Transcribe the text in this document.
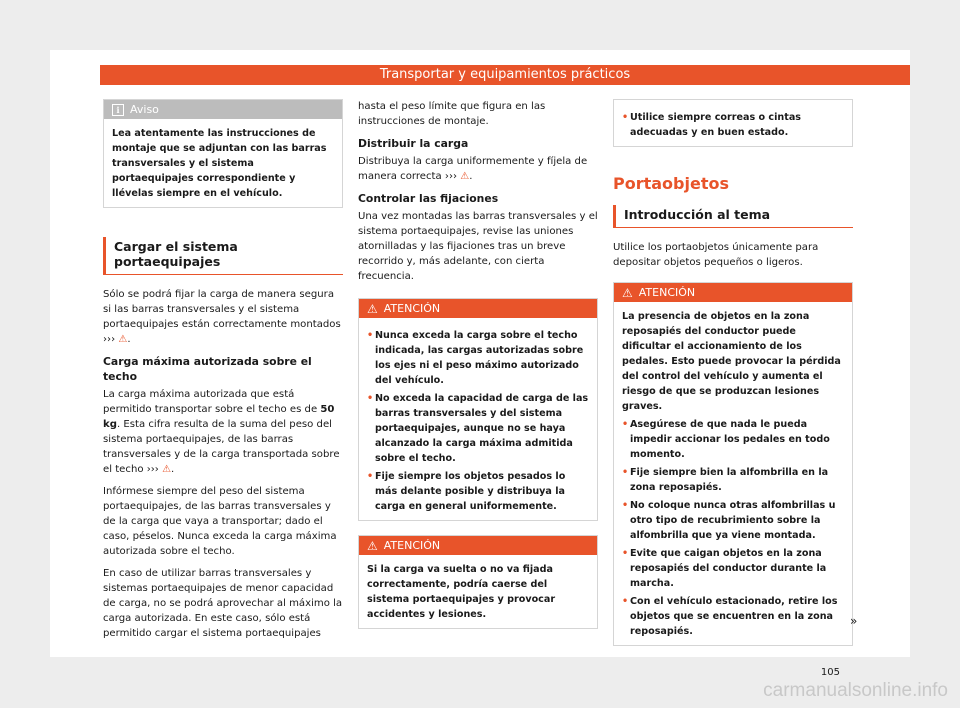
Transportar y equipamientos prácticos
i Aviso
Lea atentamente las instrucciones de montaje que se adjuntan con las barras transversales y el sistema portaequipajes correspondiente y llévelas siempre en el vehículo.
Cargar el sistema portaequipajes

Sólo se podrá fijar la carga de manera segura si las barras transversales y el sistema portaequipajes están correctamente montados ››› ⚠.

Carga máxima autorizada sobre el techo

La carga máxima autorizada que está permitido transportar sobre el techo es de 50 kg. Esta cifra resulta de la suma del peso del sistema portaequipajes, de las barras transversales y de la carga transportada sobre el techo ››› ⚠.

Infórmese siempre del peso del sistema portaequipajes, de las barras transversales y de la carga que vaya a transportar; dado el caso, péselos. Nunca exceda la carga máxima autorizada sobre el techo.

En caso de utilizar barras transversales y sistemas portaequipajes de menor capacidad de carga, no se podrá aprovechar al máximo la carga autorizada. En este caso, sólo está permitido cargar el sistema portaequipajes

hasta el peso límite que figura en las instrucciones de montaje.

Distribuir la carga

Distribuya la carga uniformemente y fíjela de manera correcta ››› ⚠.

Controlar las fijaciones

Una vez montadas las barras transversales y el sistema portaequipajes, revise las uniones atornilladas y las fijaciones tras un breve recorrido y, más adelante, con cierta frecuencia.

⚠ ATENCIÓN
• Nunca exceda la carga sobre el techo indicada, las cargas autorizadas sobre los ejes ni el peso máximo autorizado del vehículo.
• No exceda la capacidad de carga de las barras transversales y del sistema portaequipajes, aunque no se haya alcanzado la carga máxima admitida sobre el techo.
• Fije siempre los objetos pesados lo más delante posible y distribuya la carga en general uniformemente.
⚠ ATENCIÓN
Si la carga va suelta o no va fijada correctamente, podría caerse del sistema portaequipajes y provocar accidentes y lesiones.
• Utilice siempre correas o cintas adecuadas y en buen estado.
Portaobjetos
Introducción al tema

Utilice los portaobjetos únicamente para depositar objetos pequeños o ligeros.

⚠ ATENCIÓN
La presencia de objetos en la zona reposapiés del conductor puede dificultar el accionamiento de los pedales. Esto puede provocar la pérdida del control del vehículo y aumenta el riesgo de que se produzcan lesiones graves.
• Asegúrese de que nada le pueda impedir accionar los pedales en todo momento.
• Fije siempre bien la alfombrilla en la zona reposapiés.
• No coloque nunca otras alfombrillas u otro tipo de recubrimiento sobre la alfombrilla que ya viene montada.
• Evite que caigan objetos en la zona reposapiés del conductor durante la marcha.
• Con el vehículo estacionado, retire los objetos que se encuentren en la zona reposapiés.
»
105
carmanualsonline.info
